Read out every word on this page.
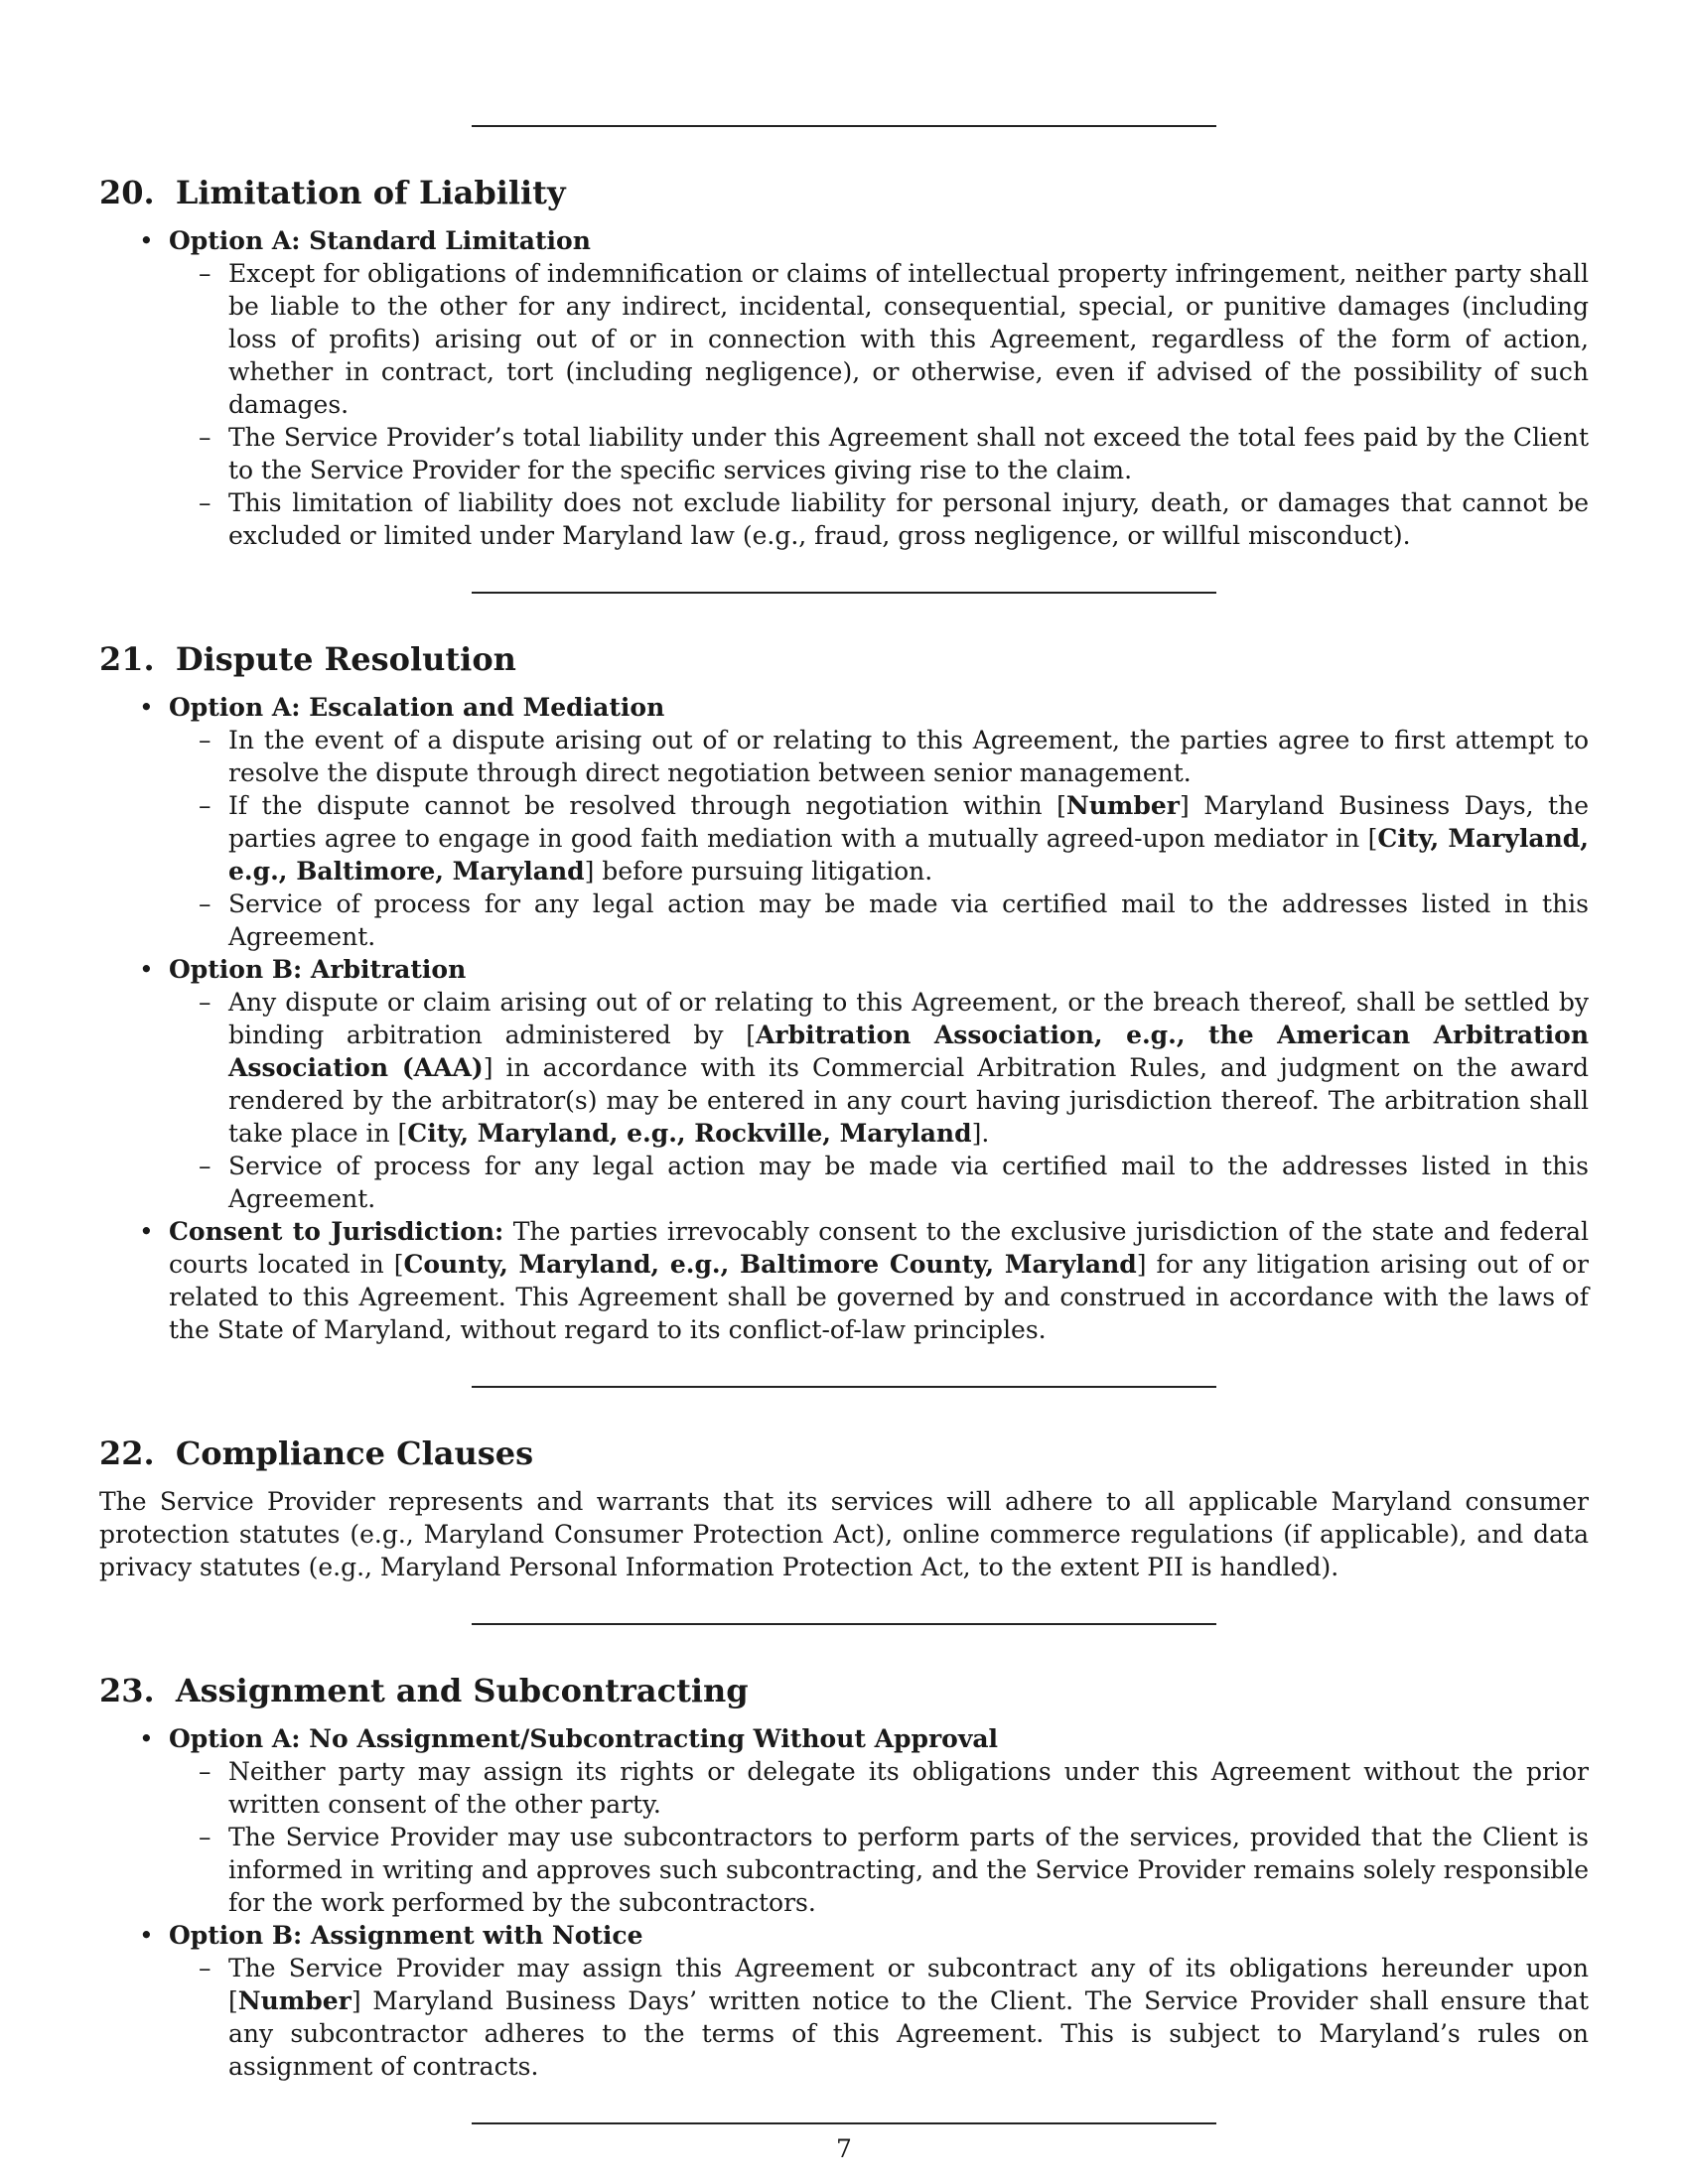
20. Limitation of Liability
• Option A: Standard Limitation
– Except for obligations of indemnification or claims of intellectual property infringement, neither party shall be liable to the other for any indirect, incidental, consequential, special, or punitive damages (including loss of profits) arising out of or in connection with this Agreement, regardless of the form of action, whether in contract, tort (including negligence), or otherwise, even if advised of the possibility of such damages.
– The Service Provider’s total liability under this Agreement shall not exceed the total fees paid by the Client to the Service Provider for the specific services giving rise to the claim.
– This limitation of liability does not exclude liability for personal injury, death, or damages that cannot be excluded or limited under Maryland law (e.g., fraud, gross negligence, or willful misconduct).
21. Dispute Resolution
• Option A: Escalation and Mediation
– In the event of a dispute arising out of or relating to this Agreement, the parties agree to first attempt to resolve the dispute through direct negotiation between senior management.
– If the dispute cannot be resolved through negotiation within [Number] Maryland Business Days, the parties agree to engage in good faith mediation with a mutually agreed-upon mediator in [City, Maryland, e.g., Baltimore, Maryland] before pursuing litigation.
– Service of process for any legal action may be made via certified mail to the addresses listed in this Agreement.
• Option B: Arbitration
– Any dispute or claim arising out of or relating to this Agreement, or the breach thereof, shall be settled by binding arbitration administered by [Arbitration Association, e.g., the American Arbitration Association (AAA)] in accordance with its Commercial Arbitration Rules, and judgment on the award rendered by the arbitrator(s) may be entered in any court having jurisdiction thereof. The arbitration shall take place in [City, Maryland, e.g., Rockville, Maryland].
– Service of process for any legal action may be made via certified mail to the addresses listed in this Agreement.
• Consent to Jurisdiction: The parties irrevocably consent to the exclusive jurisdiction of the state and federal courts located in [County, Maryland, e.g., Baltimore County, Maryland] for any litigation arising out of or related to this Agreement. This Agreement shall be governed by and construed in accordance with the laws of the State of Maryland, without regard to its conflict-of-law principles.
22. Compliance Clauses

The Service Provider represents and warrants that its services will adhere to all applicable Maryland consumer protection statutes (e.g., Maryland Consumer Protection Act), online commerce regulations (if applicable), and data privacy statutes (e.g., Maryland Personal Information Protection Act, to the extent PII is handled).

23. Assignment and Subcontracting
• Option A: No Assignment/Subcontracting Without Approval
– Neither party may assign its rights or delegate its obligations under this Agreement without the prior written consent of the other party.
– The Service Provider may use subcontractors to perform parts of the services, provided that the Client is informed in writing and approves such subcontracting, and the Service Provider remains solely responsible for the work performed by the subcontractors.
• Option B: Assignment with Notice
– The Service Provider may assign this Agreement or subcontract any of its obligations hereunder upon [Number] Maryland Business Days’ written notice to the Client. The Service Provider shall ensure that any subcontractor adheres to the terms of this Agreement. This is subject to Maryland’s rules on assignment of contracts.
7
